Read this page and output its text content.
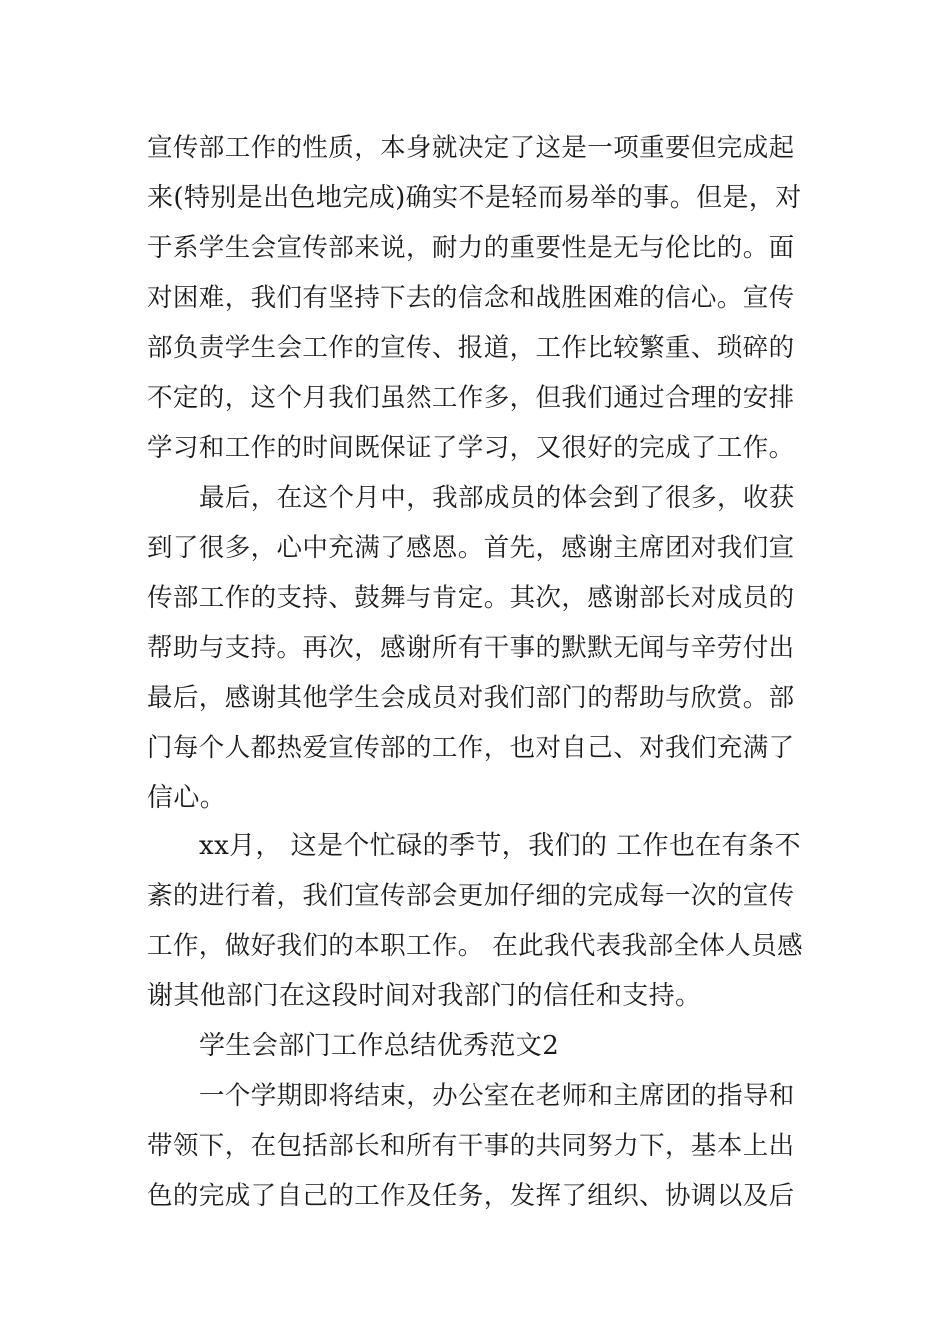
宣传部工作的性质，本身就决定了这是一项重要但完成起
来(特别是出色地完成)确实不是轻而易举的事。但是，对
于系学生会宣传部来说，耐力的重要性是无与伦比的。面
对困难，我们有坚持下去的信念和战胜困难的信心。宣传
部负责学生会工作的宣传、报道，工作比较繁重、琐碎的
不定的，这个月我们虽然工作多，但我们通过合理的安排
学习和工作的时间既保证了学习，又很好的完成了工作。
最后，在这个月中，我部成员的体会到了很多，收获
到了很多，心中充满了感恩。首先，感谢主席团对我们宣
传部工作的支持、鼓舞与肯定。其次，感谢部长对成员的
帮助与支持。再次，感谢所有干事的默默无闻与辛劳付出
最后，感谢其他学生会成员对我们部门的帮助与欣赏。部
门每个人都热爱宣传部的工作，也对自己、对我们充满了
信心。
xx月， 这是个忙碌的季节，我们的 工作也在有条不
紊的进行着，我们宣传部会更加仔细的完成每一次的宣传
工作，做好我们的本职工作。 在此我代表我部全体人员感
谢其他部门在这段时间对我部门的信任和支持。
学生会部门工作总结优秀范文2
一个学期即将结束，办公室在老师和主席团的指导和
带领下，在包括部长和所有干事的共同努力下，基本上出
色的完成了自己的工作及任务，发挥了组织、协调以及后
